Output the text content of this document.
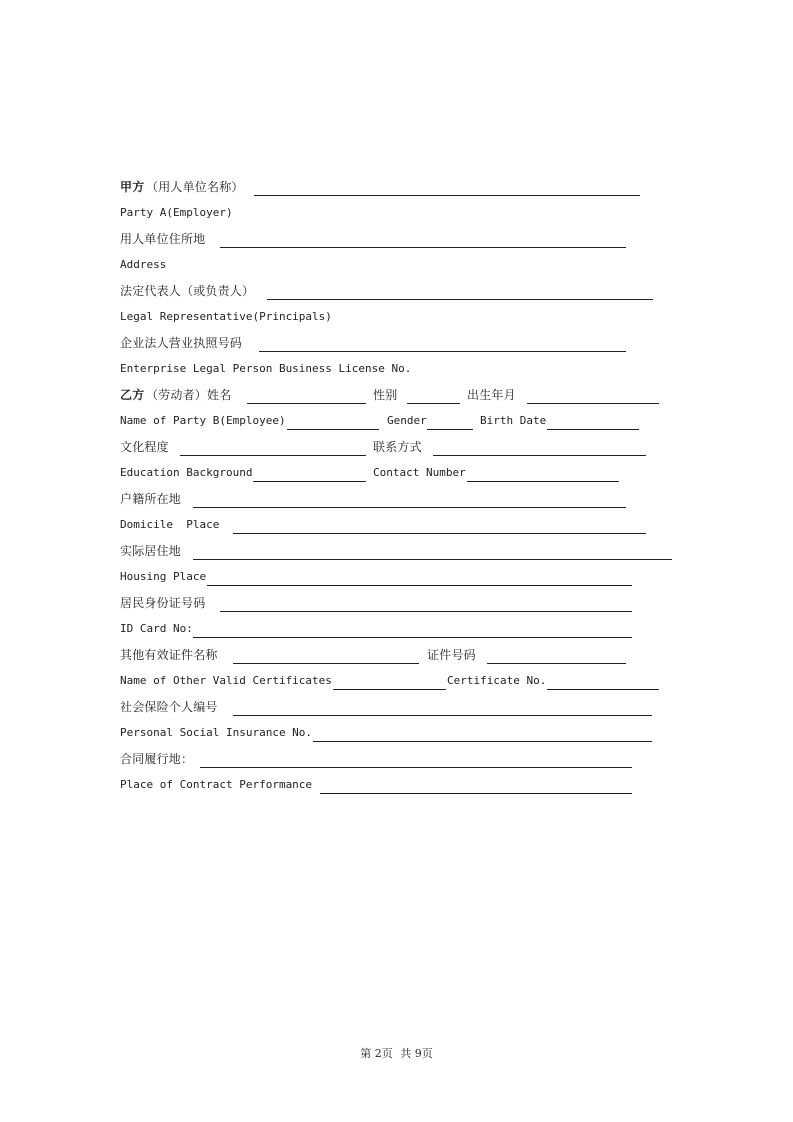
甲方 （用人单位名称）
Party A(Employer)
用人单位住所地
Address
法定代表人（或负责人）
Legal Representative(Principals)
企业法人营业执照号码
Enterprise Legal Person Business License No.
乙方 （劳动者）姓名	性别	出生年月
Name of Party B(Employee)	Gender	Birth Date
文化程度	联系方式
Education Background	Contact Number
户籍所在地
Domicile  Place
实际居住地
Housing Place
居民身份证号码
ID Card No:
其他有效证件名称	证件号码
Name of Other Valid Certificates	Certificate No.
社会保险个人编号
Personal Social Insurance No.
合同履行地：
Place of Contract Performance
第 2页 共 9页
